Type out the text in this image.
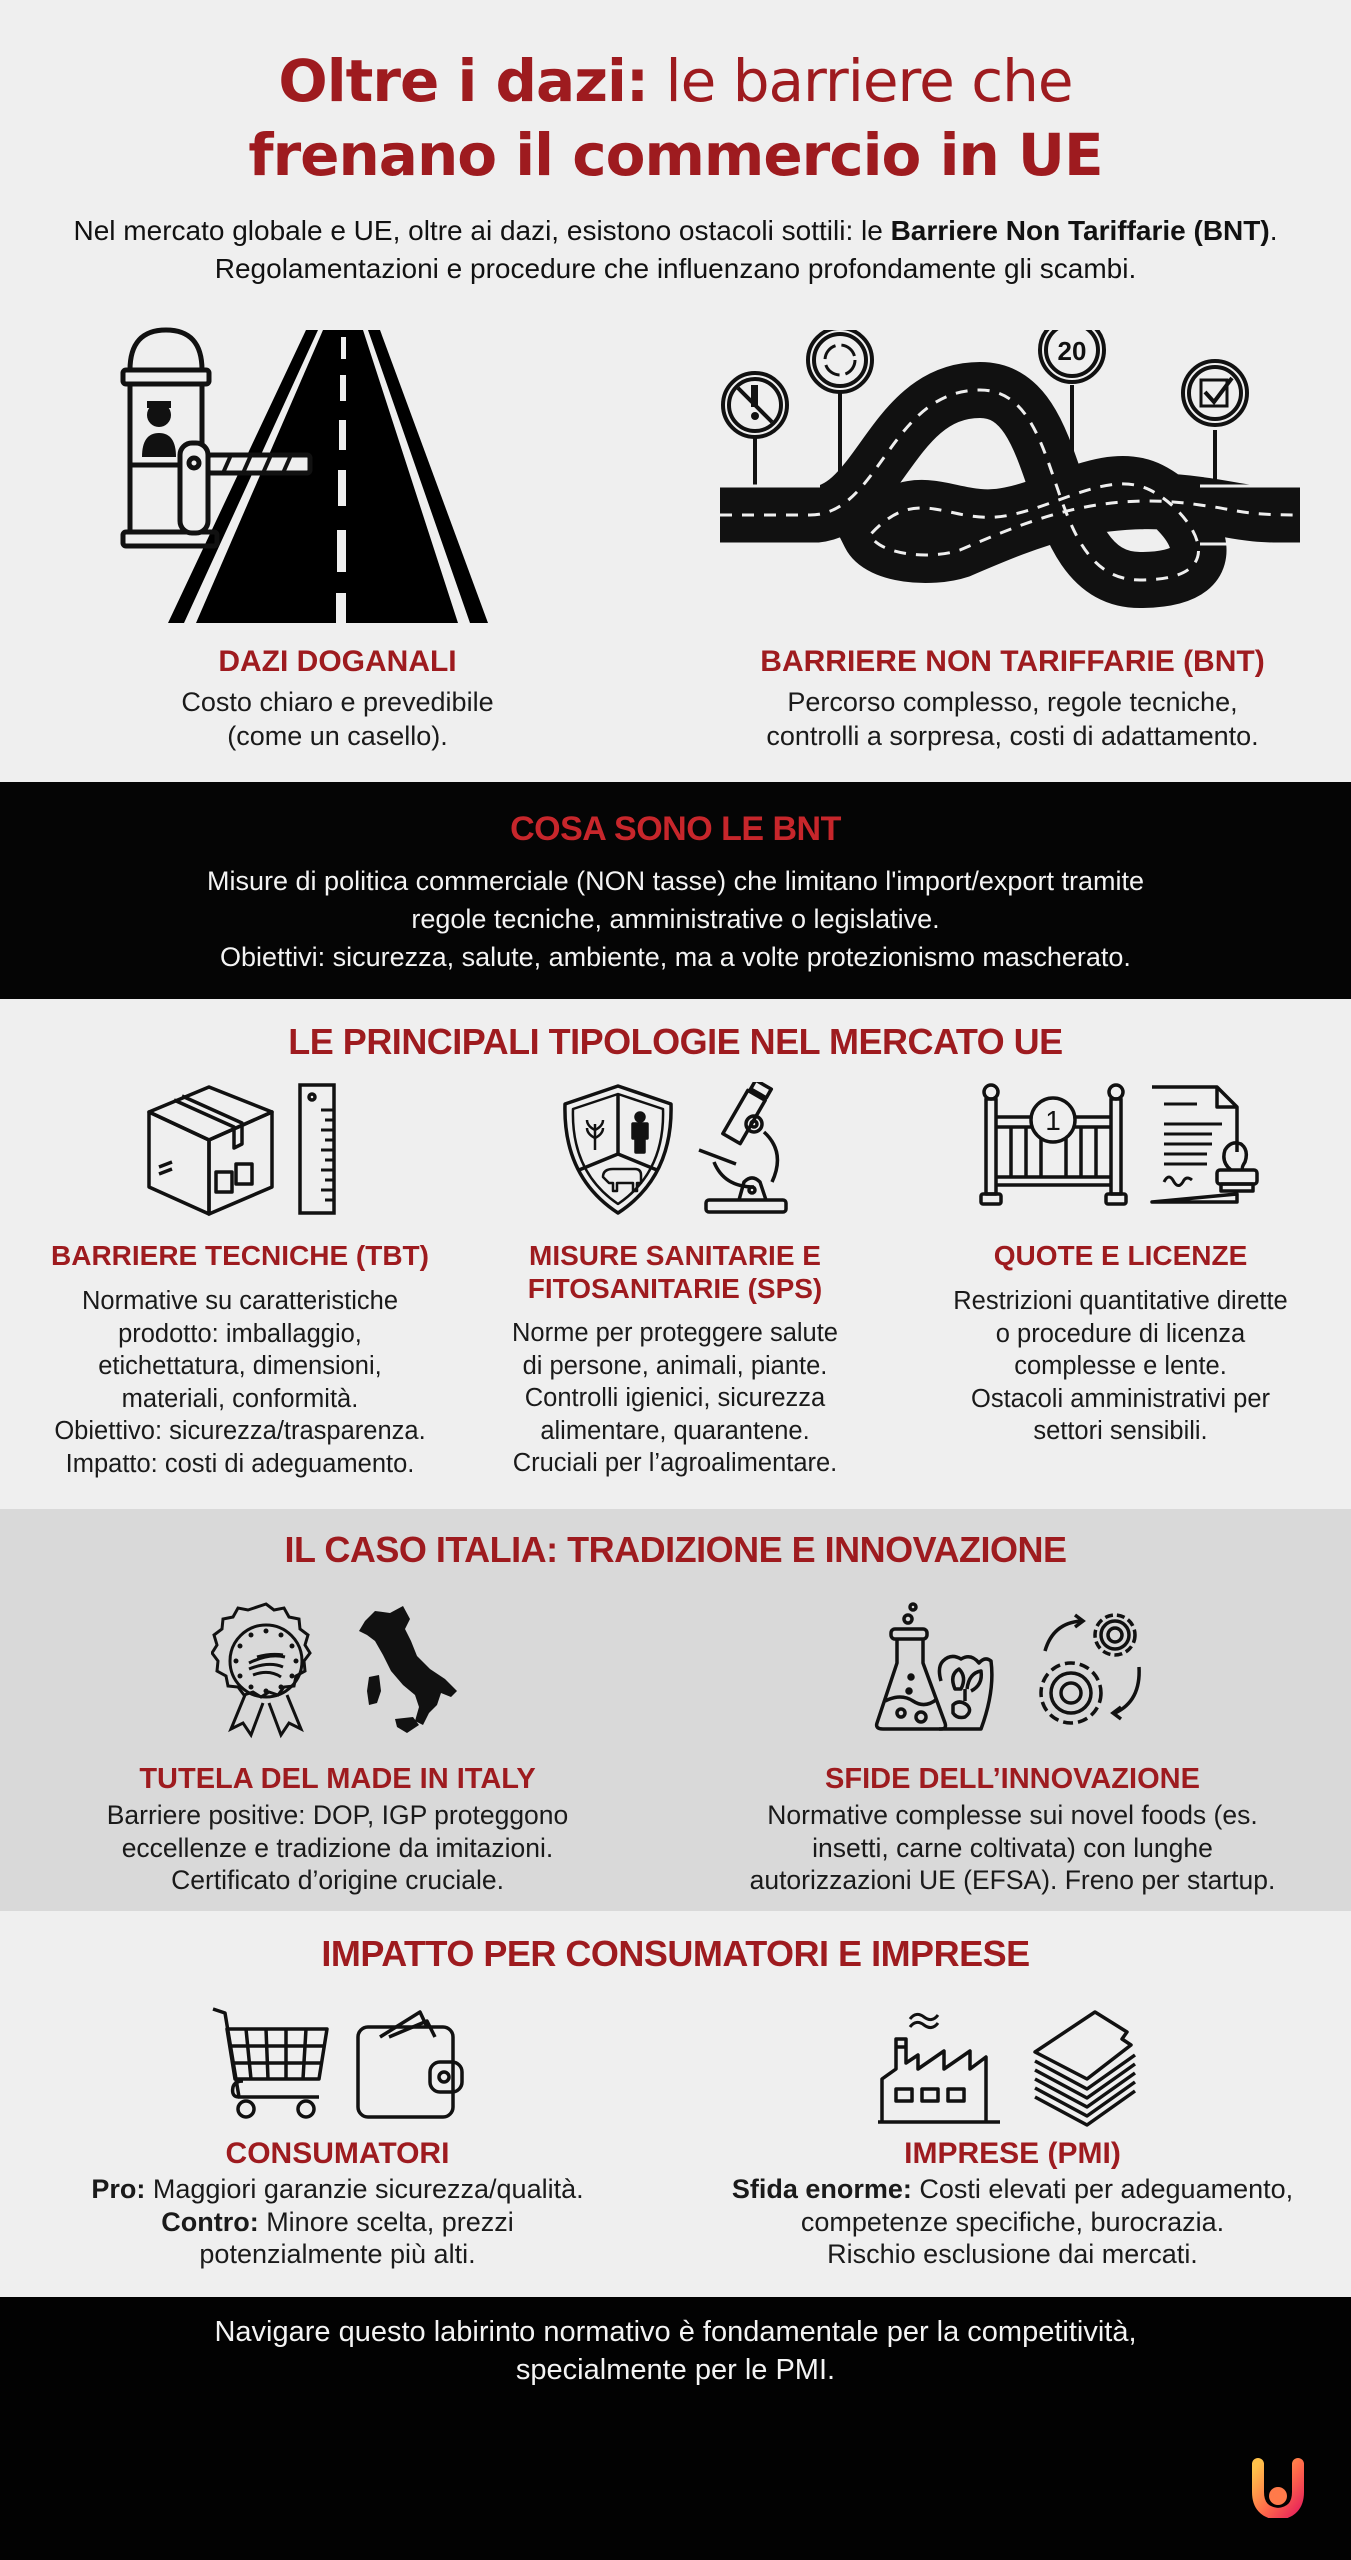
Oltre i dazi: le barriere che
frenano il commercio in UE

Nel mercato globale e UE, oltre ai dazi, esistono ostacoli sottili: le Barriere Non Tariffarie (BNT). Regolamentazioni e procedure che influenzano profondamente gli scambi.

DAZI DOGANALI
Costo chiaro e prevedibile
(come un casello).
20
BARRIERE NON TARIFFARIE (BNT)
Percorso complesso, regole tecniche,
controlli a sorpresa, costi di adattamento.
COSA SONO LE BNT
Misure di politica commerciale (NON tasse) che limitano l'import/export tramite
regole tecniche, amministrative o legislative.
Obiettivi: sicurezza, salute, ambiente, ma a volte protezionismo mascherato.
LE PRINCIPALI TIPOLOGIE NEL MERCATO UE
BARRIERE TECNICHE (TBT)
Normative su caratteristiche
prodotto: imballaggio,
etichettatura, dimensioni,
materiali, conformità.
Obiettivo: sicurezza/trasparenza.
Impatto: costi di adeguamento.
MISURE SANITARIE E
FITOSANITARIE (SPS)
Norme per proteggere salute
di persone, animali, piante.
Controlli igienici, sicurezza
alimentare, quarantene.
Cruciali per l’agroalimentare.
1
QUOTE E LICENZE
Restrizioni quantitative dirette
o procedure di licenza
complesse e lente.
Ostacoli amministrativi per
settori sensibili.
IL CASO ITALIA: TRADIZIONE E INNOVAZIONE
TUTELA DEL MADE IN ITALY
Barriere positive: DOP, IGP proteggono
eccellenze e tradizione da imitazioni.
Certificato d’origine cruciale.
SFIDE DELL’INNOVAZIONE
Normative complesse sui novel foods (es.
insetti, carne coltivata) con lunghe
autorizzazioni UE (EFSA). Freno per startup.
IMPATTO PER CONSUMATORI E IMPRESE
CONSUMATORI
Pro: Maggiori garanzie sicurezza/qualità.
Contro: Minore scelta, prezzi
potenzialmente più alti.
IMPRESE (PMI)
Sfida enorme: Costi elevati per adeguamento,
competenze specifiche, burocrazia.
Rischio esclusione dai mercati.
Navigare questo labirinto normativo è fondamentale per la competitività,
specialmente per le PMI.
